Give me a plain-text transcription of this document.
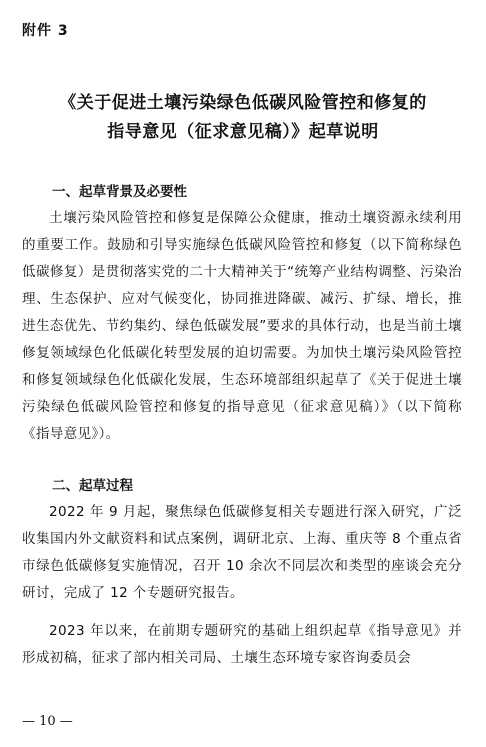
附件 3
《关于促进土壤污染绿色低碳风险管控和修复的
指导意见（征求意见稿）》起草说明
一、起草背景及必要性

土壤污染风险管控和修复是保障公众健康，推动土壤资源永续利用的重要工作。鼓励和引导实施绿色低碳风险管控和修复（以下简称绿色低碳修复）是贯彻落实党的二十大精神关于“统筹产业结构调整、污染治理、生态保护、应对气候变化，协同推进降碳、减污、扩绿、增长，推进生态优先、节约集约、绿色低碳发展”要求的具体行动，也是当前土壤修复领域绿色化低碳化转型发展的迫切需要。为加快土壤污染风险管控和修复领域绿色化低碳化发展，生态环境部组织起草了《关于促进土壤污染绿色低碳风险管控和修复的指导意见（征求意见稿）》（以下简称《指导意见》）。

二、起草过程

2022 年 9 月起，聚焦绿色低碳修复相关专题进行深入研究，广泛收集国内外文献资料和试点案例，调研北京、上海、重庆等 8 个重点省市绿色低碳修复实施情况，召开 10 余次不同层次和类型的座谈会充分研讨，完成了 12 个专题研究报告。

2023 年以来，在前期专题研究的基础上组织起草《指导意见》并形成初稿，征求了部内相关司局、土壤生态环境专家咨询委员会

— 10 —
